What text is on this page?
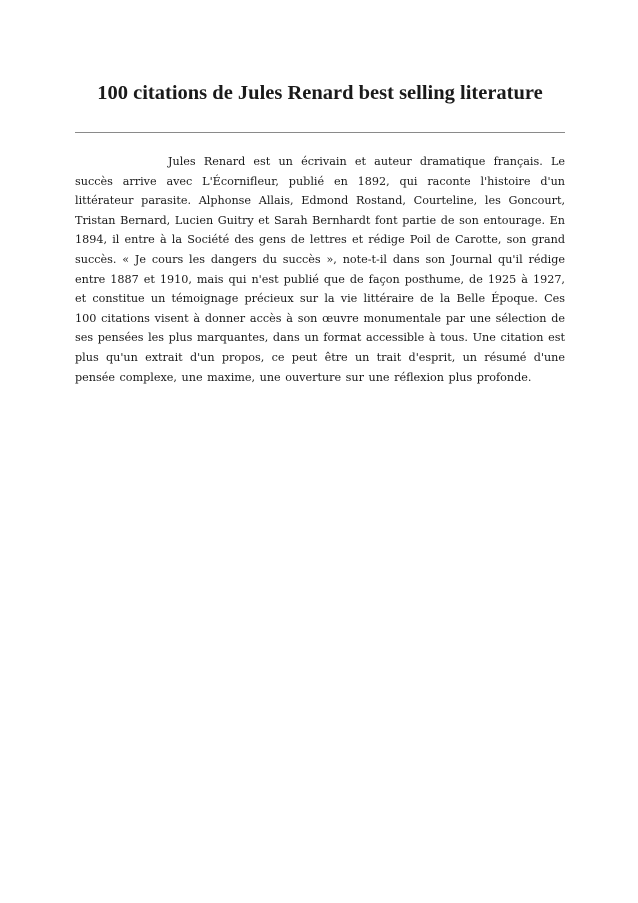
100 citations de Jules Renard best selling literature

Jules Renard est un écrivain et auteur dramatique français. Le succès arrive avec L'Écornifleur, publié en 1892, qui raconte l'histoire d'un littérateur parasite. Alphonse Allais, Edmond Rostand, Courteline, les Goncourt, Tristan Bernard, Lucien Guitry et Sarah Bernhardt font partie de son entourage. En 1894, il entre à la Société des gens de lettres et rédige Poil de Carotte, son grand succès. « Je cours les dangers du succès », note-t-il dans son Journal qu'il rédige entre 1887 et 1910, mais qui n'est publié que de façon posthume, de 1925 à 1927, et constitue un témoignage précieux sur la vie littéraire de la Belle Époque. Ces 100 citations visent à donner accès à son œuvre monumentale par une sélection de ses pensées les plus marquantes, dans un format accessible à tous. Une citation est plus qu'un extrait d'un propos, ce peut être un trait d'esprit, un résumé d'une pensée complexe, une maxime, une ouverture sur une réflexion plus profonde.
